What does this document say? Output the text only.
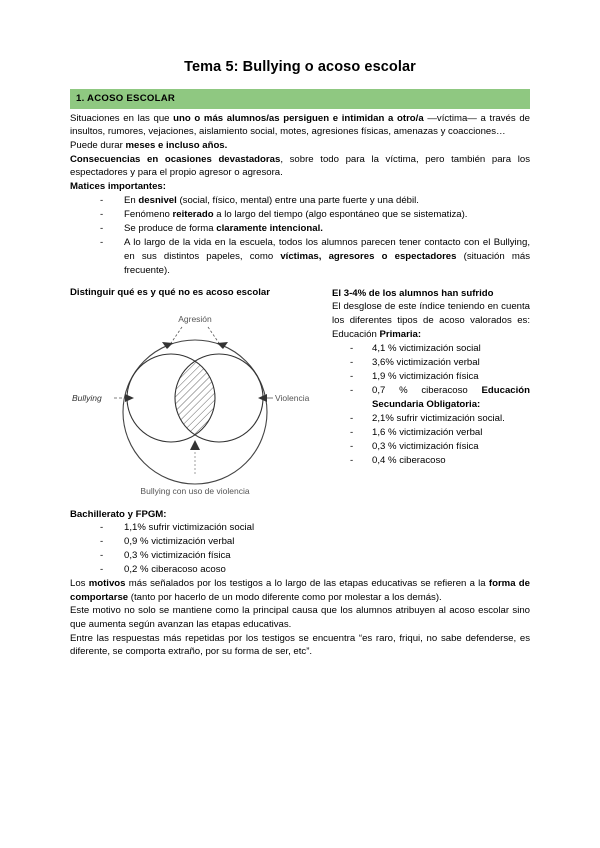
Tema 5: Bullying o acoso escolar
1. ACOSO ESCOLAR

Situaciones en las que uno o más alumnos/as persiguen e intimidan a otro/a —víctima— a través de insultos, rumores, vejaciones, aislamiento social, motes, agresiones físicas, amenazas y coacciones…

Puede durar meses e incluso años.

Consecuencias en ocasiones devastadoras, sobre todo para la víctima, pero también para los espectadores y para el propio agresor o agresora.

Matices importantes:

- En desnivel (social, físico, mental) entre una parte fuerte y una débil.
- Fenómeno reiterado a lo largo del tiempo (algo espontáneo que se sistematiza).
- Se produce de forma claramente intencional.
- A lo largo de la vida en la escuela, todos los alumnos parecen tener contacto con el Bullying, en sus distintos papeles, como víctimas, agresores o espectadores (situación más frecuente).

Distinguir qué es y qué no es acoso escolar

Agresión
Bullying	Violencia
Bullying con uso de violencia

El 3-4% de los alumnos han sufrido

El desglose de este índice teniendo en cuenta los diferentes tipos de acoso valorados es: Educación Primaria:

- 4,1 % victimización social
- 3,6% victimización verbal
- 1,9 % victimización física
- 0,7 % ciberacoso Educación Secundaria Obligatoria:
- 2,1% sufrir victimización social.
- 1,6 % victimización verbal
- 0,3 % victimización física
- 0,4 % ciberacoso

Bachillerato y FPGM:

- 1,1% sufrir victimización social
- 0,9 % victimización verbal
- 0,3 % victimización física
- 0,2 % ciberacoso acoso

Los motivos más señalados por los testigos a lo largo de las etapas educativas se refieren a la forma de comportarse (tanto por hacerlo de un modo diferente como por molestar a los demás).

Este motivo no solo se mantiene como la principal causa que los alumnos atribuyen al acoso escolar sino que aumenta según avanzan las etapas educativas.

Entre las respuestas más repetidas por los testigos se encuentra “es raro, friqui, no sabe defenderse, es diferente, se comporta extraño, por su forma de ser, etc”.
